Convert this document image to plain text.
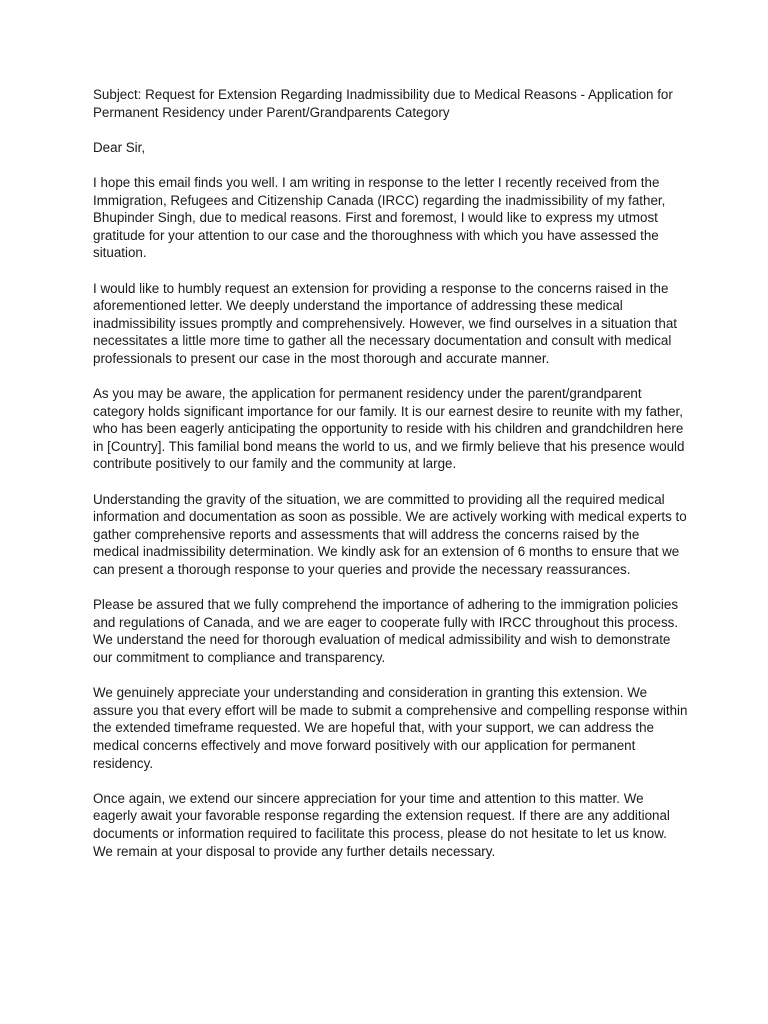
Subject: Request for Extension Regarding Inadmissibility due to Medical Reasons - Application for Permanent Residency under Parent/Grandparents Category

Dear Sir,

I hope this email finds you well. I am writing in response to the letter I recently received from the Immigration, Refugees and Citizenship Canada (IRCC) regarding the inadmissibility of my father, Bhupinder Singh, due to medical reasons. First and foremost, I would like to express my utmost gratitude for your attention to our case and the thoroughness with which you have assessed the situation.

I would like to humbly request an extension for providing a response to the concerns raised in the aforementioned letter. We deeply understand the importance of addressing these medical inadmissibility issues promptly and comprehensively. However, we find ourselves in a situation that necessitates a little more time to gather all the necessary documentation and consult with medical professionals to present our case in the most thorough and accurate manner.

As you may be aware, the application for permanent residency under the parent/grandparent category holds significant importance for our family. It is our earnest desire to reunite with my father, who has been eagerly anticipating the opportunity to reside with his children and grandchildren here in [Country]. This familial bond means the world to us, and we firmly believe that his presence would contribute positively to our family and the community at large.

Understanding the gravity of the situation, we are committed to providing all the required medical information and documentation as soon as possible. We are actively working with medical experts to gather comprehensive reports and assessments that will address the concerns raised by the medical inadmissibility determination. We kindly ask for an extension of 6 months to ensure that we can present a thorough response to your queries and provide the necessary reassurances.

Please be assured that we fully comprehend the importance of adhering to the immigration policies and regulations of Canada, and we are eager to cooperate fully with IRCC throughout this process. We understand the need for thorough evaluation of medical admissibility and wish to demonstrate our commitment to compliance and transparency.

We genuinely appreciate your understanding and consideration in granting this extension. We assure you that every effort will be made to submit a comprehensive and compelling response within the extended timeframe requested. We are hopeful that, with your support, we can address the medical concerns effectively and move forward positively with our application for permanent residency.

Once again, we extend our sincere appreciation for your time and attention to this matter. We eagerly await your favorable response regarding the extension request. If there are any additional documents or information required to facilitate this process, please do not hesitate to let us know. We remain at your disposal to provide any further details necessary.
